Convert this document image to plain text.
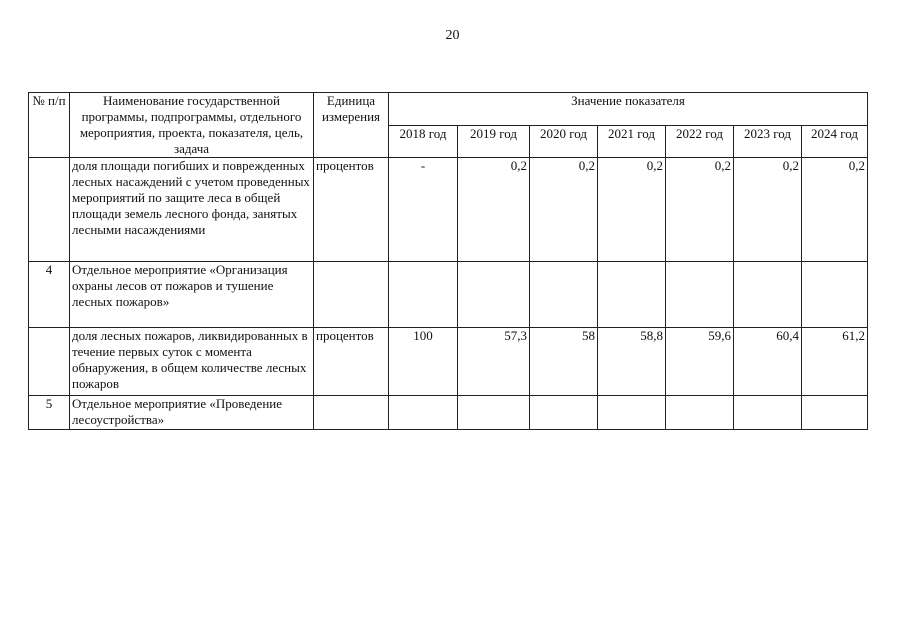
20
№ п/п	Наименование государственной программы, подпрограммы, отдельного мероприятия, проекта, показателя, цель, задача	Единица измерения	Значение показателя						
			2018 год	2019 год	2020 год	2021 год	2022 год	2023 год	2024 год
	доля площади погибших и поврежденных лесных насаждений с учетом проведенных мероприятий по защите леса в общей площади земель лесного фонда, занятых лесными насаждениями	процентов	-	0,2	0,2	0,2	0,2	0,2	0,2
4	Отдельное мероприятие «Организация охраны лесов от пожаров и тушение лесных пожаров»								
	доля лесных пожаров, ликвидированных в течение первых суток с момента обнаружения, в общем количестве лесных пожаров	процентов	100	57,3	58	58,8	59,6	60,4	61,2
5	Отдельное мероприятие «Проведение лесоустройства»								
